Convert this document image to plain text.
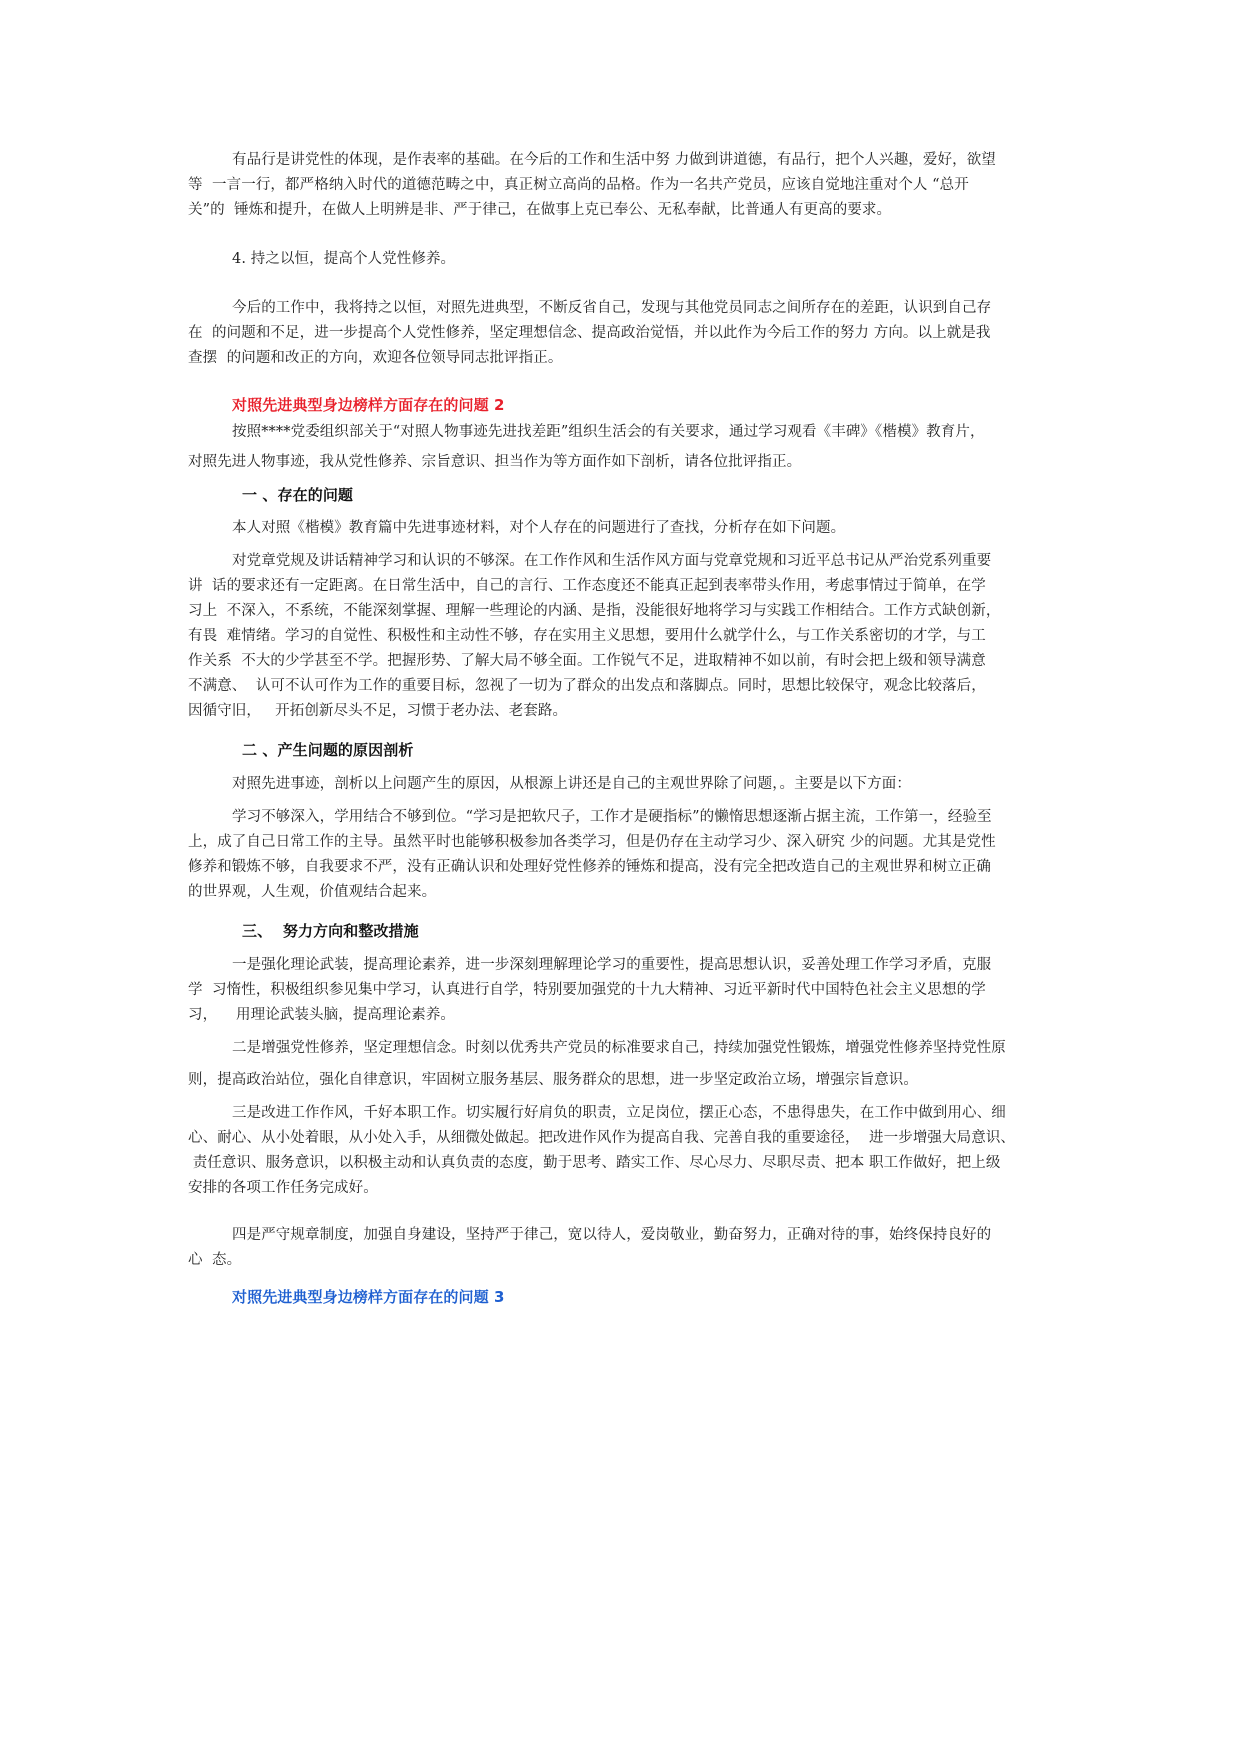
有品行是讲党性的体现，是作表率的基础。在今后的工作和生活中努 力做到讲道德，有品行，把个人兴趣，爱好，欲望
等  一言一行，都严格纳入时代的道德范畴之中，真正树立高尚的品格。作为一名共产党员，应该自觉地注重对个人 “总开
关”的  锤炼和提升，在做人上明辨是非、严于律己，在做事上克已奉公、无私奉献，比普通人有更高的要求。
4. 持之以恒，提高个人党性修养。
今后的工作中，我将持之以恒，对照先进典型，不断反省自己，发现与其他党员同志之间所存在的差距，认识到自己存
在  的问题和不足，进一步提高个人党性修养，坚定理想信念、提高政治觉悟，并以此作为今后工作的努力 方向。以上就是我
查摆  的问题和改正的方向，欢迎各位领导同志批评指正。
对照先进典型身边榜样方面存在的问题 2
按照****党委组织部关于“对照人物事迹先进找差距”组织生活会的有关要求，通过学习观看《丰碑》《楷模》教育片，
对照先进人物事迹，我从党性修养、宗旨意识、担当作为等方面作如下剖析，请各位批评指正。
一 、存在的问题
本人对照《楷模》教育篇中先进事迹材料，对个人存在的问题进行了查找，分析存在如下问题。
对党章党规及讲话精神学习和认识的不够深。在工作作风和生活作风方面与党章党规和习近平总书记从严治党系列重要
讲  话的要求还有一定距离。在日常生活中，自己的言行、工作态度还不能真正起到表率带头作用，考虑事情过于简单，在学
习上  不深入，不系统，不能深刻掌握、理解一些理论的内涵、是指，没能很好地将学习与实践工作相结合。工作方式缺创新，
有畏  难情绪。学习的自觉性、积极性和主动性不够，存在实用主义思想，要用什么就学什么，与工作关系密切的才学，与工
作关系  不大的少学甚至不学。把握形势、了解大局不够全面。工作锐气不足，进取精神不如以前，有时会把上级和领导满意
不满意、  认可不认可作为工作的重要目标，忽视了一切为了群众的出发点和落脚点。同时，思想比较保守，观念比较落后，
因循守旧，   开拓创新尽头不足，习惯于老办法、老套路。
二 、产生问题的原因剖析
对照先进事迹，剖析以上问题产生的原因，从根源上讲还是自己的主观世界除了问题，。主要是以下方面：
学习不够深入，学用结合不够到位。“学习是把软尺子，工作才是硬指标”的懒惰思想逐渐占据主流，工作第一，经验至
上，成了自己日常工作的主导。虽然平时也能够积极参加各类学习，但是仍存在主动学习少、深入研究 少的问题。尤其是党性
修养和锻炼不够，自我要求不严，没有正确认识和处理好党性修养的锤炼和提高，没有完全把改造自己的主观世界和树立正确
的世界观，人生观，价值观结合起来。
三、  努力方向和整改措施
一是强化理论武装，提高理论素养，进一步深刻理解理论学习的重要性，提高思想认识，妥善处理工作学习矛盾，克服
学  习惰性，积极组织参见集中学习，认真进行自学，特别要加强党的十九大精神、习近平新时代中国特色社会主义思想的学
习，    用理论武装头脑，提高理论素养。
二是增强党性修养，坚定理想信念。时刻以优秀共产党员的标准要求自己，持续加强党性锻炼，增强党性修养坚持党性原
则，提高政治站位，强化自律意识，牢固树立服务基层、服务群众的思想，进一步坚定政治立场，增强宗旨意识。
三是改进工作作风，千好本职工作。切实履行好肩负的职责，立足岗位，摆正心态，不患得患失，在工作中做到用心、细
心、耐心、从小处着眼，从小处入手，从细微处做起。把改进作风作为提高自我、完善自我的重要途径，  进一步增强大局意识、
责任意识、服务意识，以积极主动和认真负责的态度，勤于思考、踏实工作、尽心尽力、尽职尽责、把本 职工作做好，把上级
安排的各项工作任务完成好。
四是严守规章制度，加强自身建设，坚持严于律己，宽以待人，爱岗敬业，勤奋努力，正确对待的事，始终保持良好的
心  态。
对照先进典型身边榜样方面存在的问题 3
